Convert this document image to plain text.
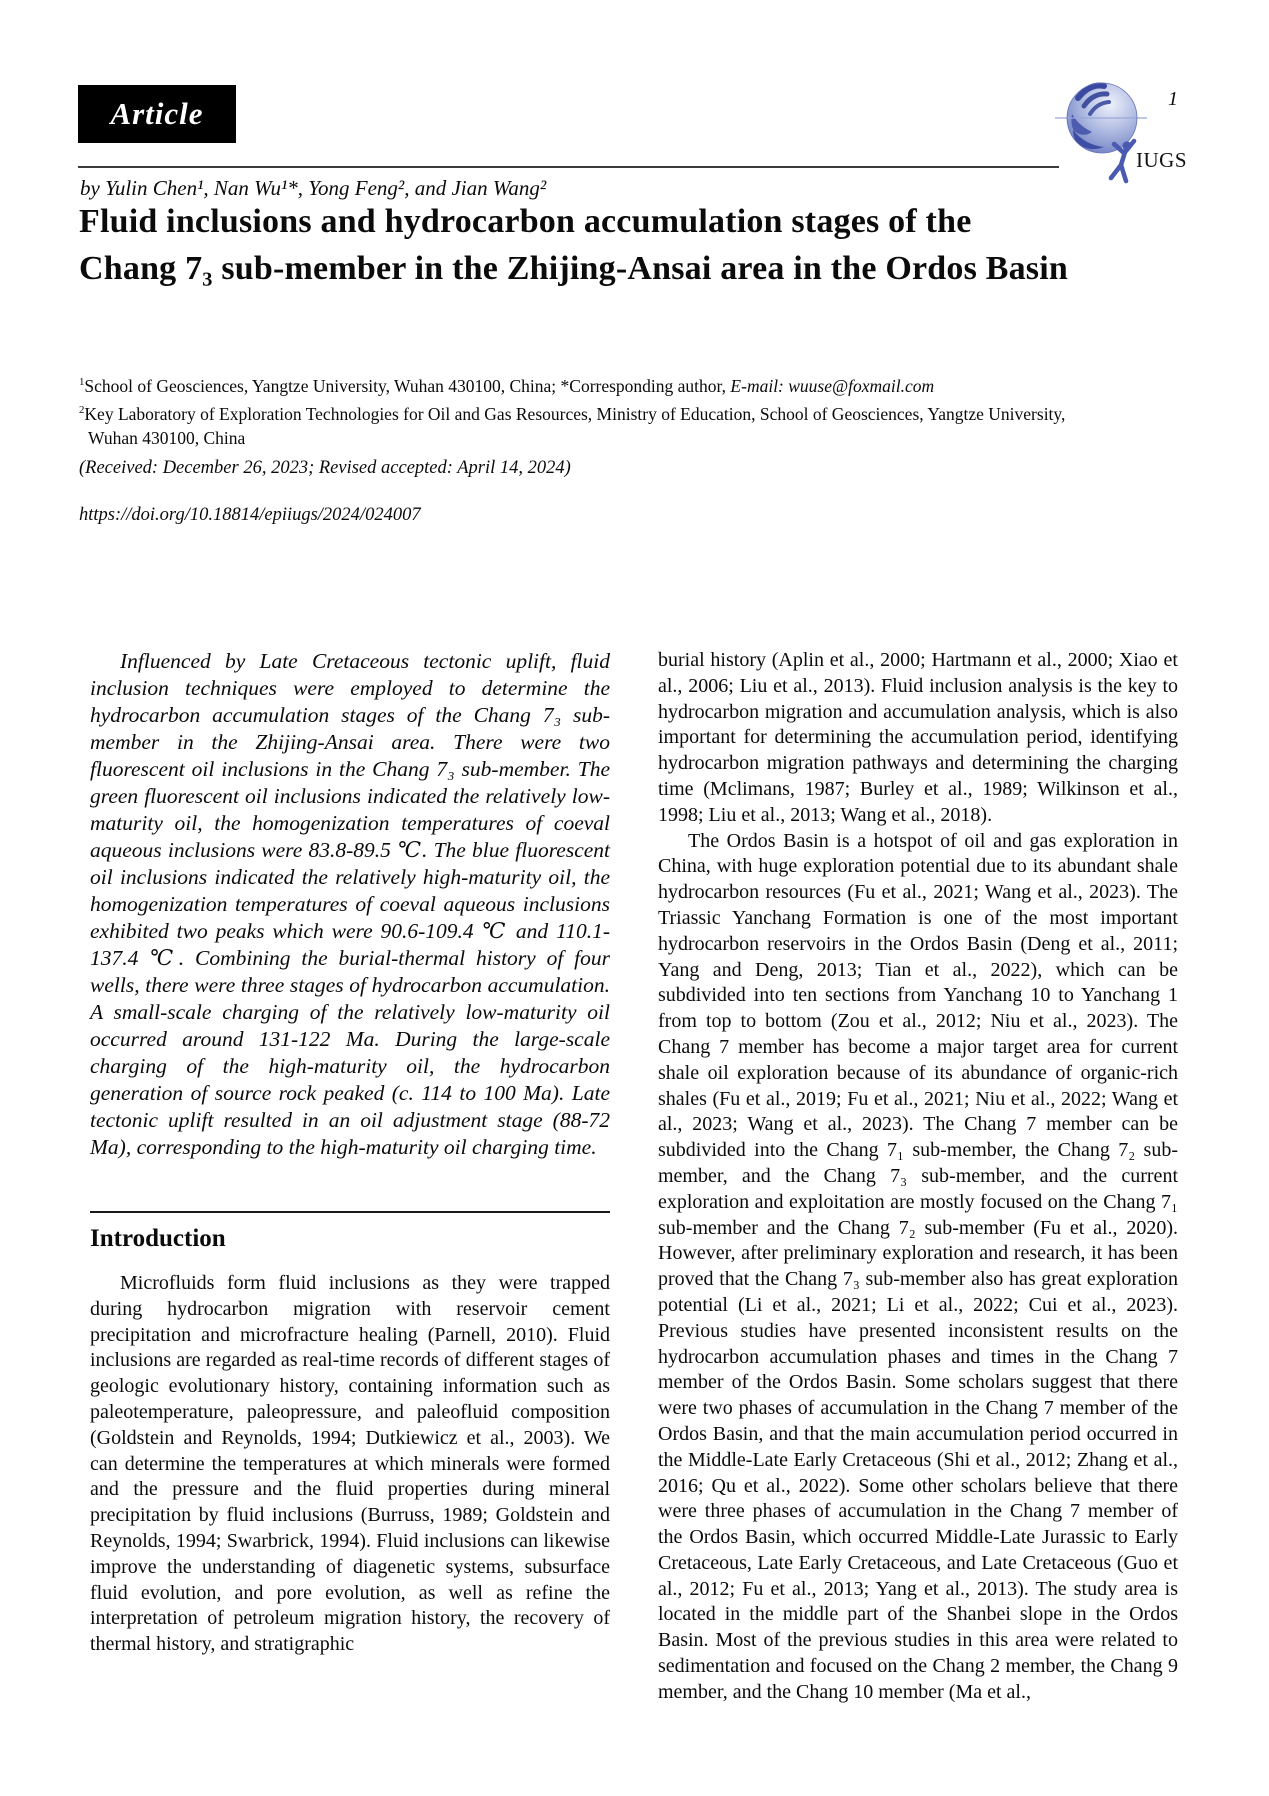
Article	1
IUGS
by Yulin Chen¹, Nan Wu¹*, Yong Feng², and Jian Wang²
Fluid inclusions and hydrocarbon accumulation stages of the Chang 7₃ sub-member in the Zhijing-Ansai area in the Ordos Basin
$^1$School of Geosciences, Yangtze University, Wuhan 430100, China; *Corresponding author, E-mail: wuuse@foxmail.com
$^2$Key Laboratory of Exploration Technologies for Oil and Gas Resources, Ministry of Education, School of Geosciences, Yangtze University, Wuhan 430100, China
(Received: December 26, 2023; Revised accepted: April 14, 2024)
https://doi.org/10.18814/epiiugs/2024/024007

Influenced by Late Cretaceous tectonic uplift, fluid inclusion techniques were employed to determine the hydrocarbon accumulation stages of the Chang 7₃ sub-member in the Zhijing-Ansai area. There were two fluorescent oil inclusions in the Chang 7₃ sub-member. The green fluorescent oil inclusions indicated the relatively low-maturity oil, the homogenization temperatures of coeval aqueous inclusions were 83.8-89.5 ℃. The blue fluorescent oil inclusions indicated the relatively high-maturity oil, the homogenization temperatures of coeval aqueous inclusions exhibited two peaks which were 90.6-109.4 ℃ and 110.1-137.4 ℃. Combining the burial-thermal history of four wells, there were three stages of hydrocarbon accumulation. A small-scale charging of the relatively low-maturity oil occurred around 131-122 Ma. During the large-scale charging of the high-maturity oil, the hydrocarbon generation of source rock peaked (c. 114 to 100 Ma). Late tectonic uplift resulted in an oil adjustment stage (88-72 Ma), corresponding to the high-maturity oil charging time.

Introduction

Microfluids form fluid inclusions as they were trapped during hydrocarbon migration with reservoir cement precipitation and microfracture healing (Parnell, 2010). Fluid inclusions are regarded as real-time records of different stages of geologic evolutionary history, containing information such as paleotemperature, paleopressure, and paleofluid composition (Goldstein and Reynolds, 1994; Dutkiewicz et al., 2003). We can determine the temperatures at which minerals were formed and the pressure and the fluid properties during mineral precipitation by fluid inclusions (Burruss, 1989; Goldstein and Reynolds, 1994; Swarbrick, 1994). Fluid inclusions can likewise improve the understanding of diagenetic systems, subsurface fluid evolution, and pore evolution, as well as refine the interpretation of petroleum migration history, the recovery of thermal history, and stratigraphic

burial history (Aplin et al., 2000; Hartmann et al., 2000; Xiao et al., 2006; Liu et al., 2013). Fluid inclusion analysis is the key to hydrocarbon migration and accumulation analysis, which is also important for determining the accumulation period, identifying hydrocarbon migration pathways and determining the charging time (Mclimans, 1987; Burley et al., 1989; Wilkinson et al., 1998; Liu et al., 2013; Wang et al., 2018).

The Ordos Basin is a hotspot of oil and gas exploration in China, with huge exploration potential due to its abundant shale hydrocarbon resources (Fu et al., 2021; Wang et al., 2023). The Triassic Yanchang Formation is one of the most important hydrocarbon reservoirs in the Ordos Basin (Deng et al., 2011; Yang and Deng, 2013; Tian et al., 2022), which can be subdivided into ten sections from Yanchang 10 to Yanchang 1 from top to bottom (Zou et al., 2012; Niu et al., 2023). The Chang 7 member has become a major target area for current shale oil exploration because of its abundance of organic-rich shales (Fu et al., 2019; Fu et al., 2021; Niu et al., 2022; Wang et al., 2023; Wang et al., 2023). The Chang 7 member can be subdivided into the Chang 7₁ sub-member, the Chang 7₂ sub-member, and the Chang 7₃ sub-member, and the current exploration and exploitation are mostly focused on the Chang 7₁ sub-member and the Chang 7₂ sub-member (Fu et al., 2020). However, after preliminary exploration and research, it has been proved that the Chang 7₃ sub-member also has great exploration potential (Li et al., 2021; Li et al., 2022; Cui et al., 2023). Previous studies have presented inconsistent results on the hydrocarbon accumulation phases and times in the Chang 7 member of the Ordos Basin. Some scholars suggest that there were two phases of accumulation in the Chang 7 member of the Ordos Basin, and that the main accumulation period occurred in the Middle-Late Early Cretaceous (Shi et al., 2012; Zhang et al., 2016; Qu et al., 2022). Some other scholars believe that there were three phases of accumulation in the Chang 7 member of the Ordos Basin, which occurred Middle-Late Jurassic to Early Cretaceous, Late Early Cretaceous, and Late Cretaceous (Guo et al., 2012; Fu et al., 2013; Yang et al., 2013). The study area is located in the middle part of the Shanbei slope in the Ordos Basin. Most of the previous studies in this area were related to sedimentation and focused on the Chang 2 member, the Chang 9 member, and the Chang 10 member (Ma et al.,
